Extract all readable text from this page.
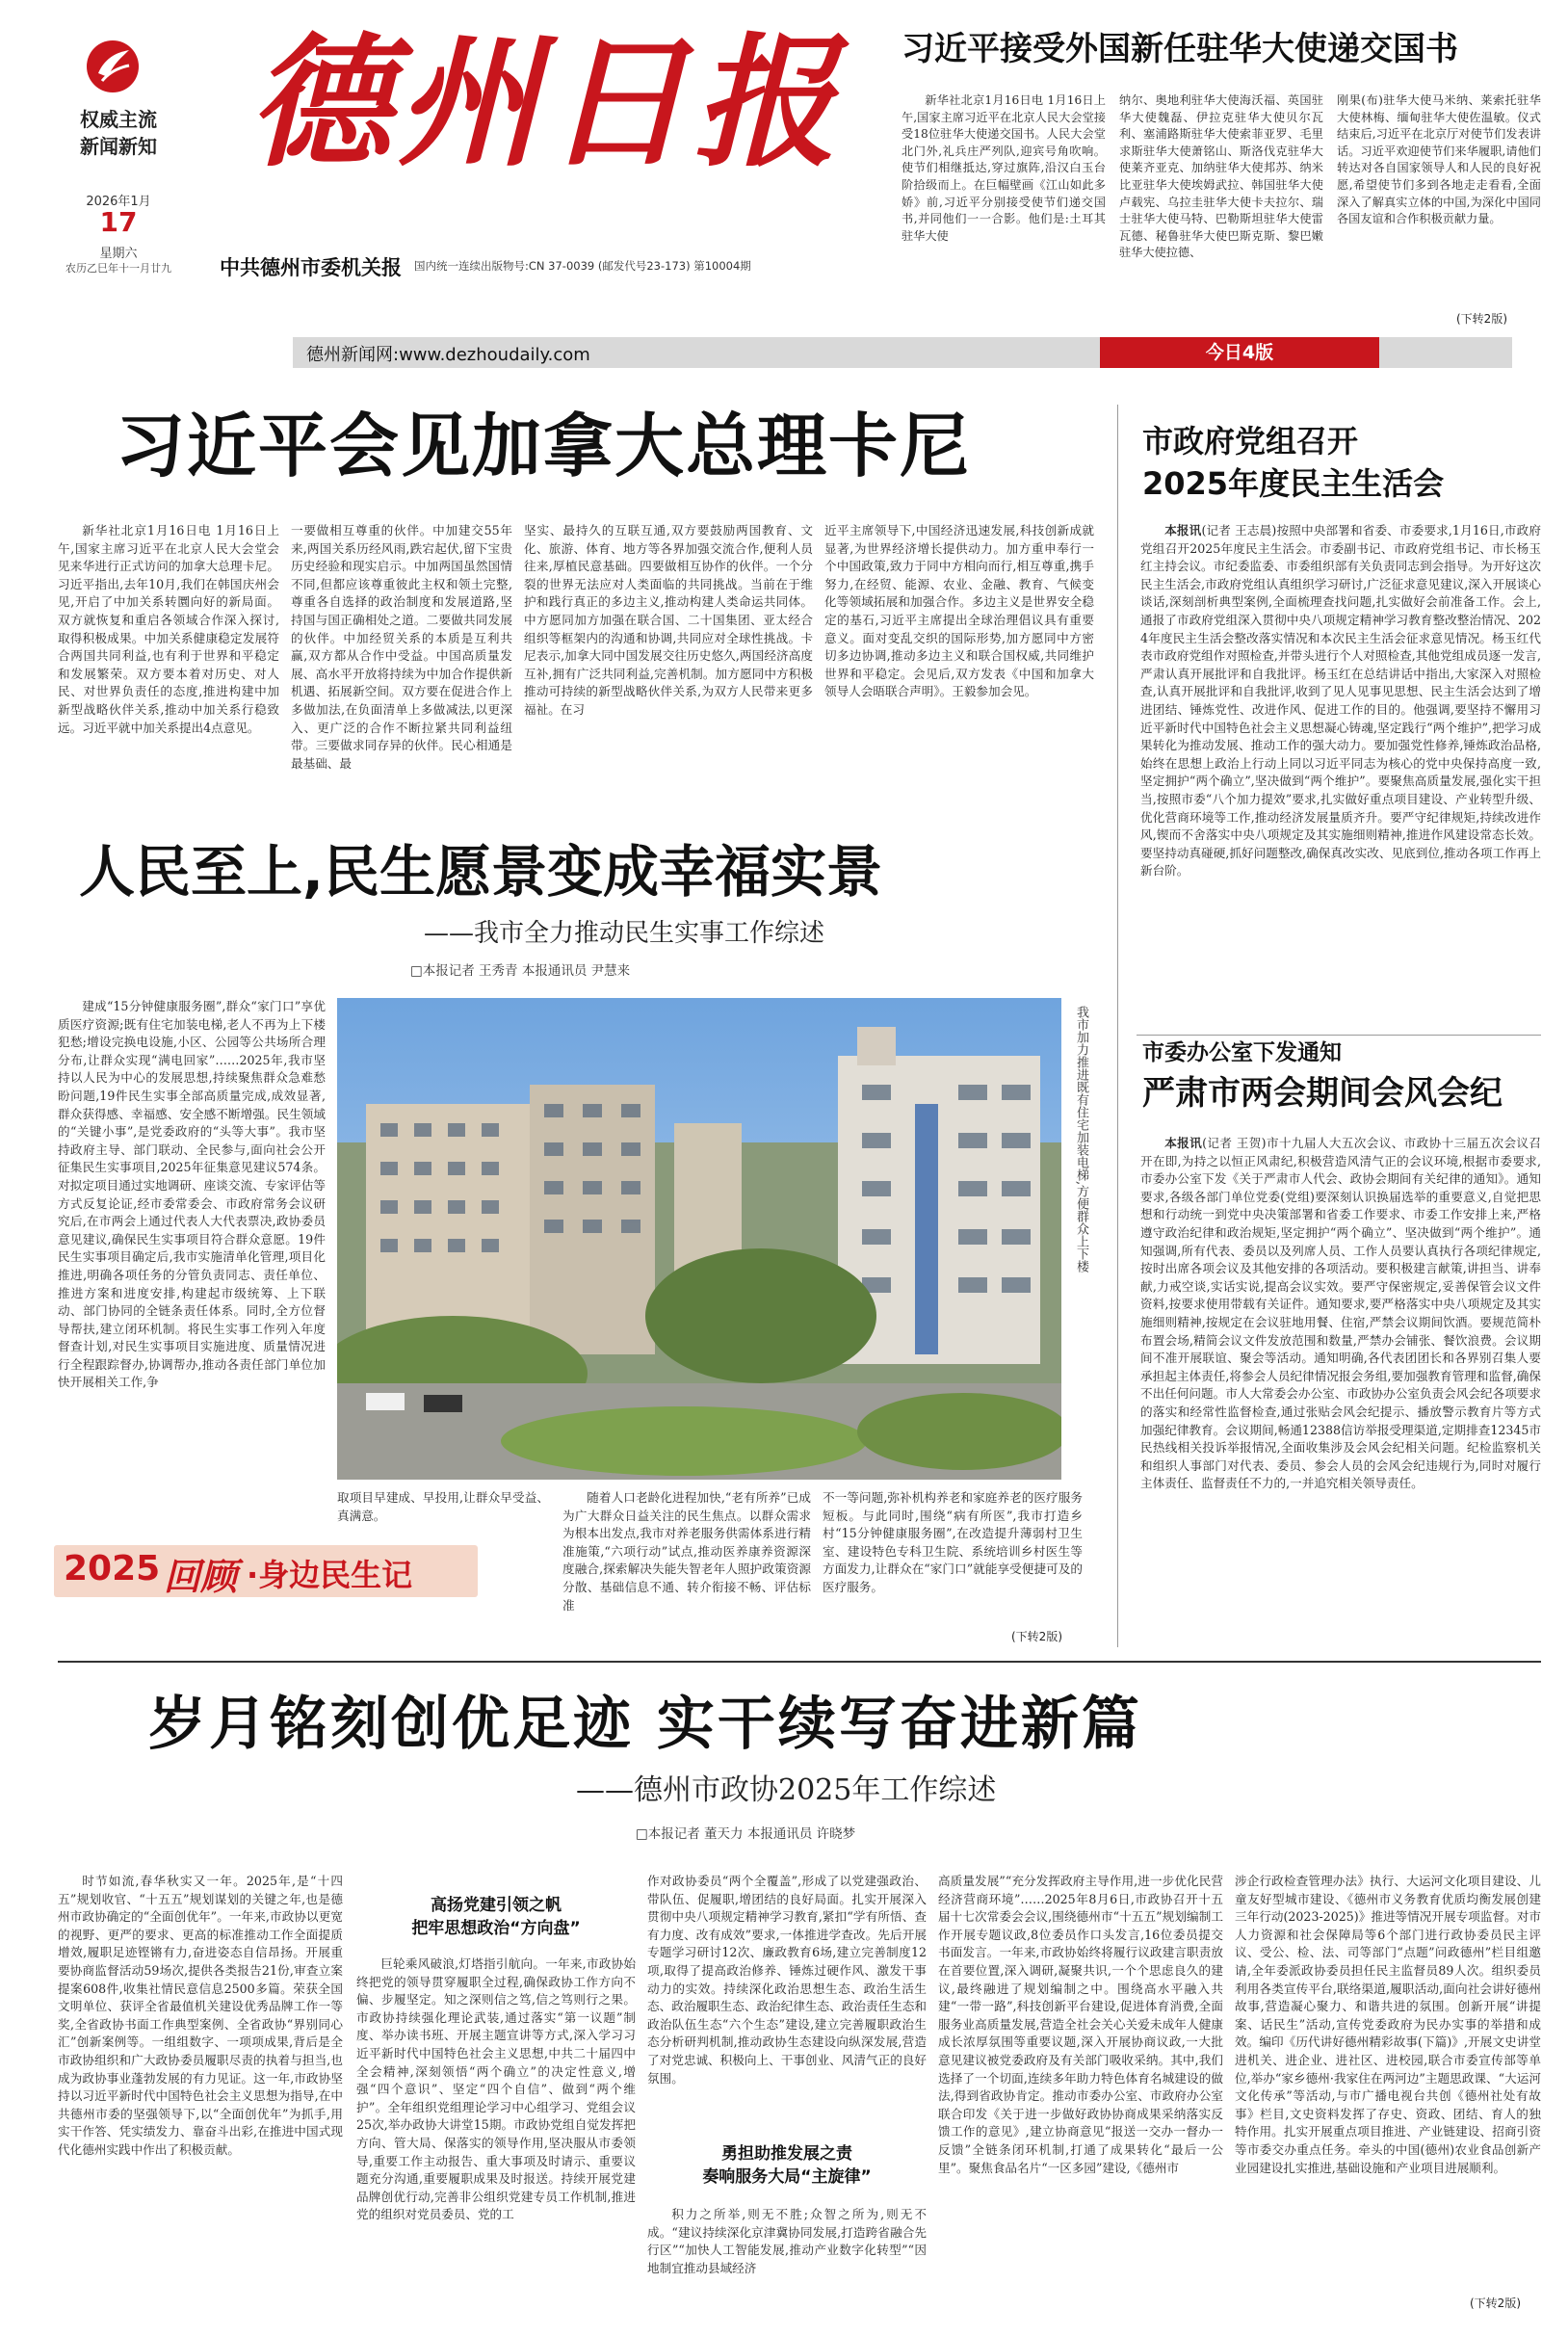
权威主流
新闻新知
2026年1月
17
星期六
农历乙巳年十一月廿九
德州日报
中共德州市委机关报 国内统一连续出版物号:CN 37-0039 (邮发代号23-173) 第10004期
德州新闻网:www.dezhoudaily.com	今日4版
习近平接受外国新任驻华大使递交国书

新华社北京1月16日电 1月16日上午,国家主席习近平在北京人民大会堂接受18位驻华大使递交国书。人民大会堂北门外,礼兵庄严列队,迎宾号角吹响。使节们相继抵达,穿过旗阵,沿汉白玉台阶拾级而上。在巨幅壁画《江山如此多娇》前,习近平分别接受使节们递交国书,并同他们一一合影。他们是:土耳其驻华大使

纳尔、奥地利驻华大使海沃福、英国驻华大使魏磊、伊拉克驻华大使贝尔瓦利、塞浦路斯驻华大使索菲亚罗、毛里求斯驻华大使萧铭山、斯洛伐克驻华大使莱齐亚克、加纳驻华大使邦苏、纳米比亚驻华大使埃姆武拉、韩国驻华大使卢载宪、乌拉圭驻华大使卡夫拉尔、瑞士驻华大使马特、巴勒斯坦驻华大使雷瓦德、秘鲁驻华大使巴斯克斯、黎巴嫩驻华大使拉德、

刚果(布)驻华大使马米纳、莱索托驻华大使林梅、缅甸驻华大使佐温敏。仪式结束后,习近平在北京厅对使节们发表讲话。习近平欢迎使节们来华履职,请他们转达对各自国家领导人和人民的良好祝愿,希望使节们多到各地走走看看,全面深入了解真实立体的中国,为深化中国同各国友谊和合作积极贡献力量。

(下转2版)
习近平会见加拿大总理卡尼

新华社北京1月16日电 1月16日上午,国家主席习近平在北京人民大会堂会见来华进行正式访问的加拿大总理卡尼。习近平指出,去年10月,我们在韩国庆州会见,开启了中加关系转圜向好的新局面。双方就恢复和重启各领域合作深入探讨,取得积极成果。中加关系健康稳定发展符合两国共同利益,也有利于世界和平稳定和发展繁荣。双方要本着对历史、对人民、对世界负责任的态度,推进构建中加新型战略伙伴关系,推动中加关系行稳致远。习近平就中加关系提出4点意见。

一要做相互尊重的伙伴。中加建交55年来,两国关系历经风雨,跌宕起伏,留下宝贵历史经验和现实启示。中加两国虽然国情不同,但都应该尊重彼此主权和领土完整,尊重各自选择的政治制度和发展道路,坚持国与国正确相处之道。二要做共同发展的伙伴。中加经贸关系的本质是互利共赢,双方都从合作中受益。中国高质量发展、高水平开放将持续为中加合作提供新机遇、拓展新空间。双方要在促进合作上多做加法,在负面清单上多做减法,以更深入、更广泛的合作不断拉紧共同利益纽带。三要做求同存异的伙伴。民心相通是最基础、最

坚实、最持久的互联互通,双方要鼓励两国教育、文化、旅游、体育、地方等各界加强交流合作,便利人员往来,厚植民意基础。四要做相互协作的伙伴。一个分裂的世界无法应对人类面临的共同挑战。当前在于维护和践行真正的多边主义,推动构建人类命运共同体。中方愿同加方加强在联合国、二十国集团、亚太经合组织等框架内的沟通和协调,共同应对全球性挑战。卡尼表示,加拿大同中国发展交往历史悠久,两国经济高度互补,拥有广泛共同利益,完善机制。加方愿同中方积极推动可持续的新型战略伙伴关系,为双方人民带来更多福祉。在习

近平主席领导下,中国经济迅速发展,科技创新成就显著,为世界经济增长提供动力。加方重申奉行一个中国政策,致力于同中方相向而行,相互尊重,携手努力,在经贸、能源、农业、金融、教育、气候变化等领域拓展和加强合作。多边主义是世界安全稳定的基石,习近平主席提出全球治理倡议具有重要意义。面对变乱交织的国际形势,加方愿同中方密切多边协调,推动多边主义和联合国权威,共同维护世界和平稳定。会见后,双方发表《中国和加拿大领导人会晤联合声明》。王毅参加会见。

市政府党组召开
2025年度民主生活会

本报讯(记者 王志晨)按照中央部署和省委、市委要求,1月16日,市政府党组召开2025年度民主生活会。市委副书记、市政府党组书记、市长杨玉红主持会议。市纪委监委、市委组织部有关负责同志到会指导。为开好这次民主生活会,市政府党组认真组织学习研讨,广泛征求意见建议,深入开展谈心谈话,深刻剖析典型案例,全面梳理查找问题,扎实做好会前准备工作。会上,通报了市政府党组深入贯彻中央八项规定精神学习教育整改整治情况、2024年度民主生活会整改落实情况和本次民主生活会征求意见情况。杨玉红代表市政府党组作对照检查,并带头进行个人对照检查,其他党组成员逐一发言,严肃认真开展批评和自我批评。杨玉红在总结讲话中指出,大家深入对照检查,认真开展批评和自我批评,收到了见人见事见思想、民主生活会达到了增进团结、锤炼党性、改进作风、促进工作的目的。他强调,要坚持不懈用习近平新时代中国特色社会主义思想凝心铸魂,坚定践行“两个维护”,把学习成果转化为推动发展、推动工作的强大动力。要加强党性修养,锤炼政治品格,始终在思想上政治上行动上同以习近平同志为核心的党中央保持高度一致,坚定拥护“两个确立”,坚决做到“两个维护”。要聚焦高质量发展,强化实干担当,按照市委“八个加力提效”要求,扎实做好重点项目建设、产业转型升级、优化营商环境等工作,推动经济发展量质齐升。要严守纪律规矩,持续改进作风,锲而不舍落实中央八项规定及其实施细则精神,推进作风建设常态长效。要坚持动真碰硬,抓好问题整改,确保真改实改、见底到位,推动各项工作再上新台阶。

市委办公室下发通知
严肃市两会期间会风会纪

本报讯(记者 王贺)市十九届人大五次会议、市政协十三届五次会议召开在即,为持之以恒正风肃纪,积极营造风清气正的会议环境,根据市委要求,市委办公室下发《关于严肃市人代会、政协会期间有关纪律的通知》。通知要求,各级各部门单位党委(党组)要深刻认识换届选举的重要意义,自觉把思想和行动统一到党中央决策部署和省委工作要求、市委工作安排上来,严格遵守政治纪律和政治规矩,坚定拥护“两个确立”、坚决做到“两个维护”。通知强调,所有代表、委员以及列席人员、工作人员要认真执行各项纪律规定,按时出席各项会议及其他安排的各项活动。要积极建言献策,讲担当、讲奉献,力戒空谈,实话实说,提高会议实效。要严守保密规定,妥善保管会议文件资料,按要求使用带载有关证件。通知要求,要严格落实中央八项规定及其实施细则精神,按规定在会议驻地用餐、住宿,严禁会议期间饮酒。要规范简朴布置会场,精简会议文件发放范围和数量,严禁办会铺张、餐饮浪费。会议期间不准开展联谊、聚会等活动。通知明确,各代表团团长和各界别召集人要承担起主体责任,将参会人员纪律情况报会务组,要加强教育管理和监督,确保不出任何问题。市人大常委会办公室、市政协办公室负责会风会纪各项要求的落实和经常性监督检查,通过张贴会风会纪提示、播放警示教育片等方式加强纪律教育。会议期间,畅通12388信访举报受理渠道,定期排查12345市民热线相关投诉举报情况,全面收集涉及会风会纪相关问题。纪检监察机关和组织人事部门对代表、委员、参会人员的会风会纪违规行为,同时对履行主体责任、监督责任不力的,一并追究相关领导责任。

人民至上,民生愿景变成幸福实景
——我市全力推动民生实事工作综述
□本报记者 王秀青 本报通讯员 尹慧来

建成“15分钟健康服务圈”,群众“家门口”享优质医疗资源;既有住宅加装电梯,老人不再为上下楼犯愁;增设完换电设施,小区、公园等公共场所合理分布,让群众实现“满电回家”……2025年,我市坚持以人民为中心的发展思想,持续聚焦群众急难愁盼问题,19件民生实事全部高质量完成,成效显著,群众获得感、幸福感、安全感不断增强。民生领域的“关键小事”,是党委政府的“头等大事”。我市坚持政府主导、部门联动、全民参与,面向社会公开征集民生实事项目,2025年征集意见建议574条。对拟定项目通过实地调研、座谈交流、专家评估等方式反复论证,经市委常委会、市政府常务会议研究后,在市两会上通过代表人大代表票决,政协委员意见建议,确保民生实事项目符合群众意愿。19件民生实事项目确定后,我市实施清单化管理,项目化推进,明确各项任务的分管负责同志、责任单位、推进方案和进度安排,构建起市级统筹、上下联动、部门协同的全链条责任体系。同时,全方位督导帮扶,建立闭环机制。将民生实事工作列入年度督查计划,对民生实事项目实施进度、质量情况进行全程跟踪督办,协调帮办,推动各责任部门单位加快开展相关工作,争

我市加力推进既有住宅加装电梯,方便群众上下楼

取项目早建成、早投用,让群众早受益、真满意。

2025 回顾 ·身边民生记

随着人口老龄化进程加快,“老有所养”已成为广大群众日益关注的民生焦点。以群众需求为根本出发点,我市对养老服务供需体系进行精准施策,“六项行动”试点,推动医养康养资源深度融合,探索解决失能失智老年人照护政策资源分散、基础信息不通、转介衔接不畅、评估标准

不一等问题,弥补机构养老和家庭养老的医疗服务短板。与此同时,围绕“病有所医”,我市打造乡村“15分钟健康服务圈”,在改造提升薄弱村卫生室、建设特色专科卫生院、系统培训乡村医生等方面发力,让群众在“家门口”就能享受便捷可及的医疗服务。

(下转2版)
岁月铭刻创优足迹 实干续写奋进新篇
——德州市政协2025年工作综述
□本报记者 董天力 本报通讯员 许晓梦

时节如流,春华秋实又一年。2025年,是“十四五”规划收官、“十五五”规划谋划的关键之年,也是德州市政协确定的“全面创优年”。一年来,市政协以更宽的视野、更严的要求、更高的标准推动工作全面提质增效,履职足迹铿锵有力,奋进姿态自信昂扬。开展重要协商监督活动59场次,提供各类报告21份,审查立案提案608件,收集社情民意信息2500多篇。荣获全国文明单位、获评全省最值机关建设优秀品牌工作一等奖,全省政协书面工作典型案例、全省政协“界别同心汇”创新案例等。一组组数字、一项项成果,背后是全市政协组织和广大政协委员履职尽责的执着与担当,也成为政协事业蓬勃发展的有力见证。这一年,市政协坚持以习近平新时代中国特色社会主义思想为指导,在中共德州市委的坚强领导下,以“全面创优年”为抓手,用实干作答、凭实绩发力、靠奋斗出彩,在推进中国式现代化德州实践中作出了积极贡献。

高扬党建引领之帆
把牢思想政治“方向盘”

巨轮乘风破浪,灯塔指引航向。一年来,市政协始终把党的领导贯穿履职全过程,确保政协工作方向不偏、步履坚定。知之深则信之笃,信之笃则行之果。市政协持续强化理论武装,通过落实“第一议题”制度、举办读书班、开展主题宣讲等方式,深入学习习近平新时代中国特色社会主义思想,中共二十届四中全会精神,深刻领悟“两个确立”的决定性意义,增强“四个意识”、坚定“四个自信”、做到“两个维护”。全年组织党组理论学习中心组学习、党组会议25次,举办政协大讲堂15期。市政协党组自觉发挥把方向、管大局、保落实的领导作用,坚决服从市委领导,重要工作主动报告、重大事项及时请示、重要议题充分沟通,重要履职成果及时报送。持续开展党建品牌创优行动,完善非公组织党建专员工作机制,推进党的组织对党员委员、党的工

作对政协委员“两个全覆盖”,形成了以党建强政治、带队伍、促履职,增团结的良好局面。扎实开展深入贯彻中央八项规定精神学习教育,紧扣“学有所悟、查有力度、改有成效”要求,一体推进学查改。先后开展专题学习研讨12次、廉政教育6场,建立完善制度12项,取得了提高政治修养、锤炼过硬作风、激发干事动力的实效。持续深化政治思想生态、政治生活生态、政治履职生态、政治纪律生态、政治责任生态和政治队伍生态“六个生态”建设,建立完善履职政治生态分析研判机制,推动政协生态建设向纵深发展,营造了对党忠诚、积极向上、干事创业、风清气正的良好氛围。

勇担助推发展之责
奏响服务大局“主旋律”

积力之所举,则无不胜;众智之所为,则无不成。“建议持续深化京津冀协同发展,打造跨省融合先行区”“加快人工智能发展,推动产业数字化转型”“因地制宜推动县域经济

高质量发展”“充分发挥政府主导作用,进一步优化民营经济营商环境”……2025年8月6日,市政协召开十五届十七次常委会会议,围绕德州市“十五五”规划编制工作开展专题议政,8位委员作口头发言,16位委员提交书面发言。一年来,市政协始终将履行议政建言职责放在首要位置,深入调研,凝聚共识,一个个思虑良久的建议,最终融进了规划编制之中。围绕高水平融入共建“一带一路”,科技创新平台建设,促进体育消费,全面服务业高质量发展,营造全社会关心关爱未成年人健康成长浓厚氛围等重要议题,深入开展协商议政,一大批意见建议被党委政府及有关部门吸收采纳。其中,我们选择了一个切面,连续多年助力特色体育名城建设的做法,得到省政协肯定。推动市委办公室、市政府办公室联合印发《关于进一步做好政协协商成果采纳落实反馈工作的意见》,建立协商意见“报送一交办一督办一反馈”全链条闭环机制,打通了成果转化“最后一公里”。聚焦食品名片“一区多园”建设,《德州市

涉企行政检查管理办法》执行、大运河文化项目建设、儿童友好型城市建设、《德州市义务教育优质均衡发展创建三年行动(2023-2025)》推进等情况开展专项监督。对市人力资源和社会保障局等6个部门进行政协委员民主评议、受公、检、法、司等部门“点题”问政德州”栏目组邀请,全年委派政协委员担任民主监督员89人次。组织委员利用各类宣传平台,联络渠道,履职活动,面向社会讲好德州故事,营造凝心聚力、和谐共进的氛围。创新开展“讲提案、话民生”活动,宣传党委政府为民办实事的举措和成效。编印《历代讲好德州精彩故事(下篇)》,开展文史讲堂进机关、进企业、进社区、进校园,联合市委宣传部等单位,举办“家乡德州·我家住在两河边”主题思政课、“大运河文化传承”等活动,与市广播电视台共创《德州社处有故事》栏目,文史资料发挥了存史、资政、团结、育人的独特作用。扎实开展重点项目推进、产业链建设、招商引资等市委交办重点任务。牵头的中国(德州)农业食品创新产业园建设扎实推进,基础设施和产业项目进展顺利。

(下转2版)
